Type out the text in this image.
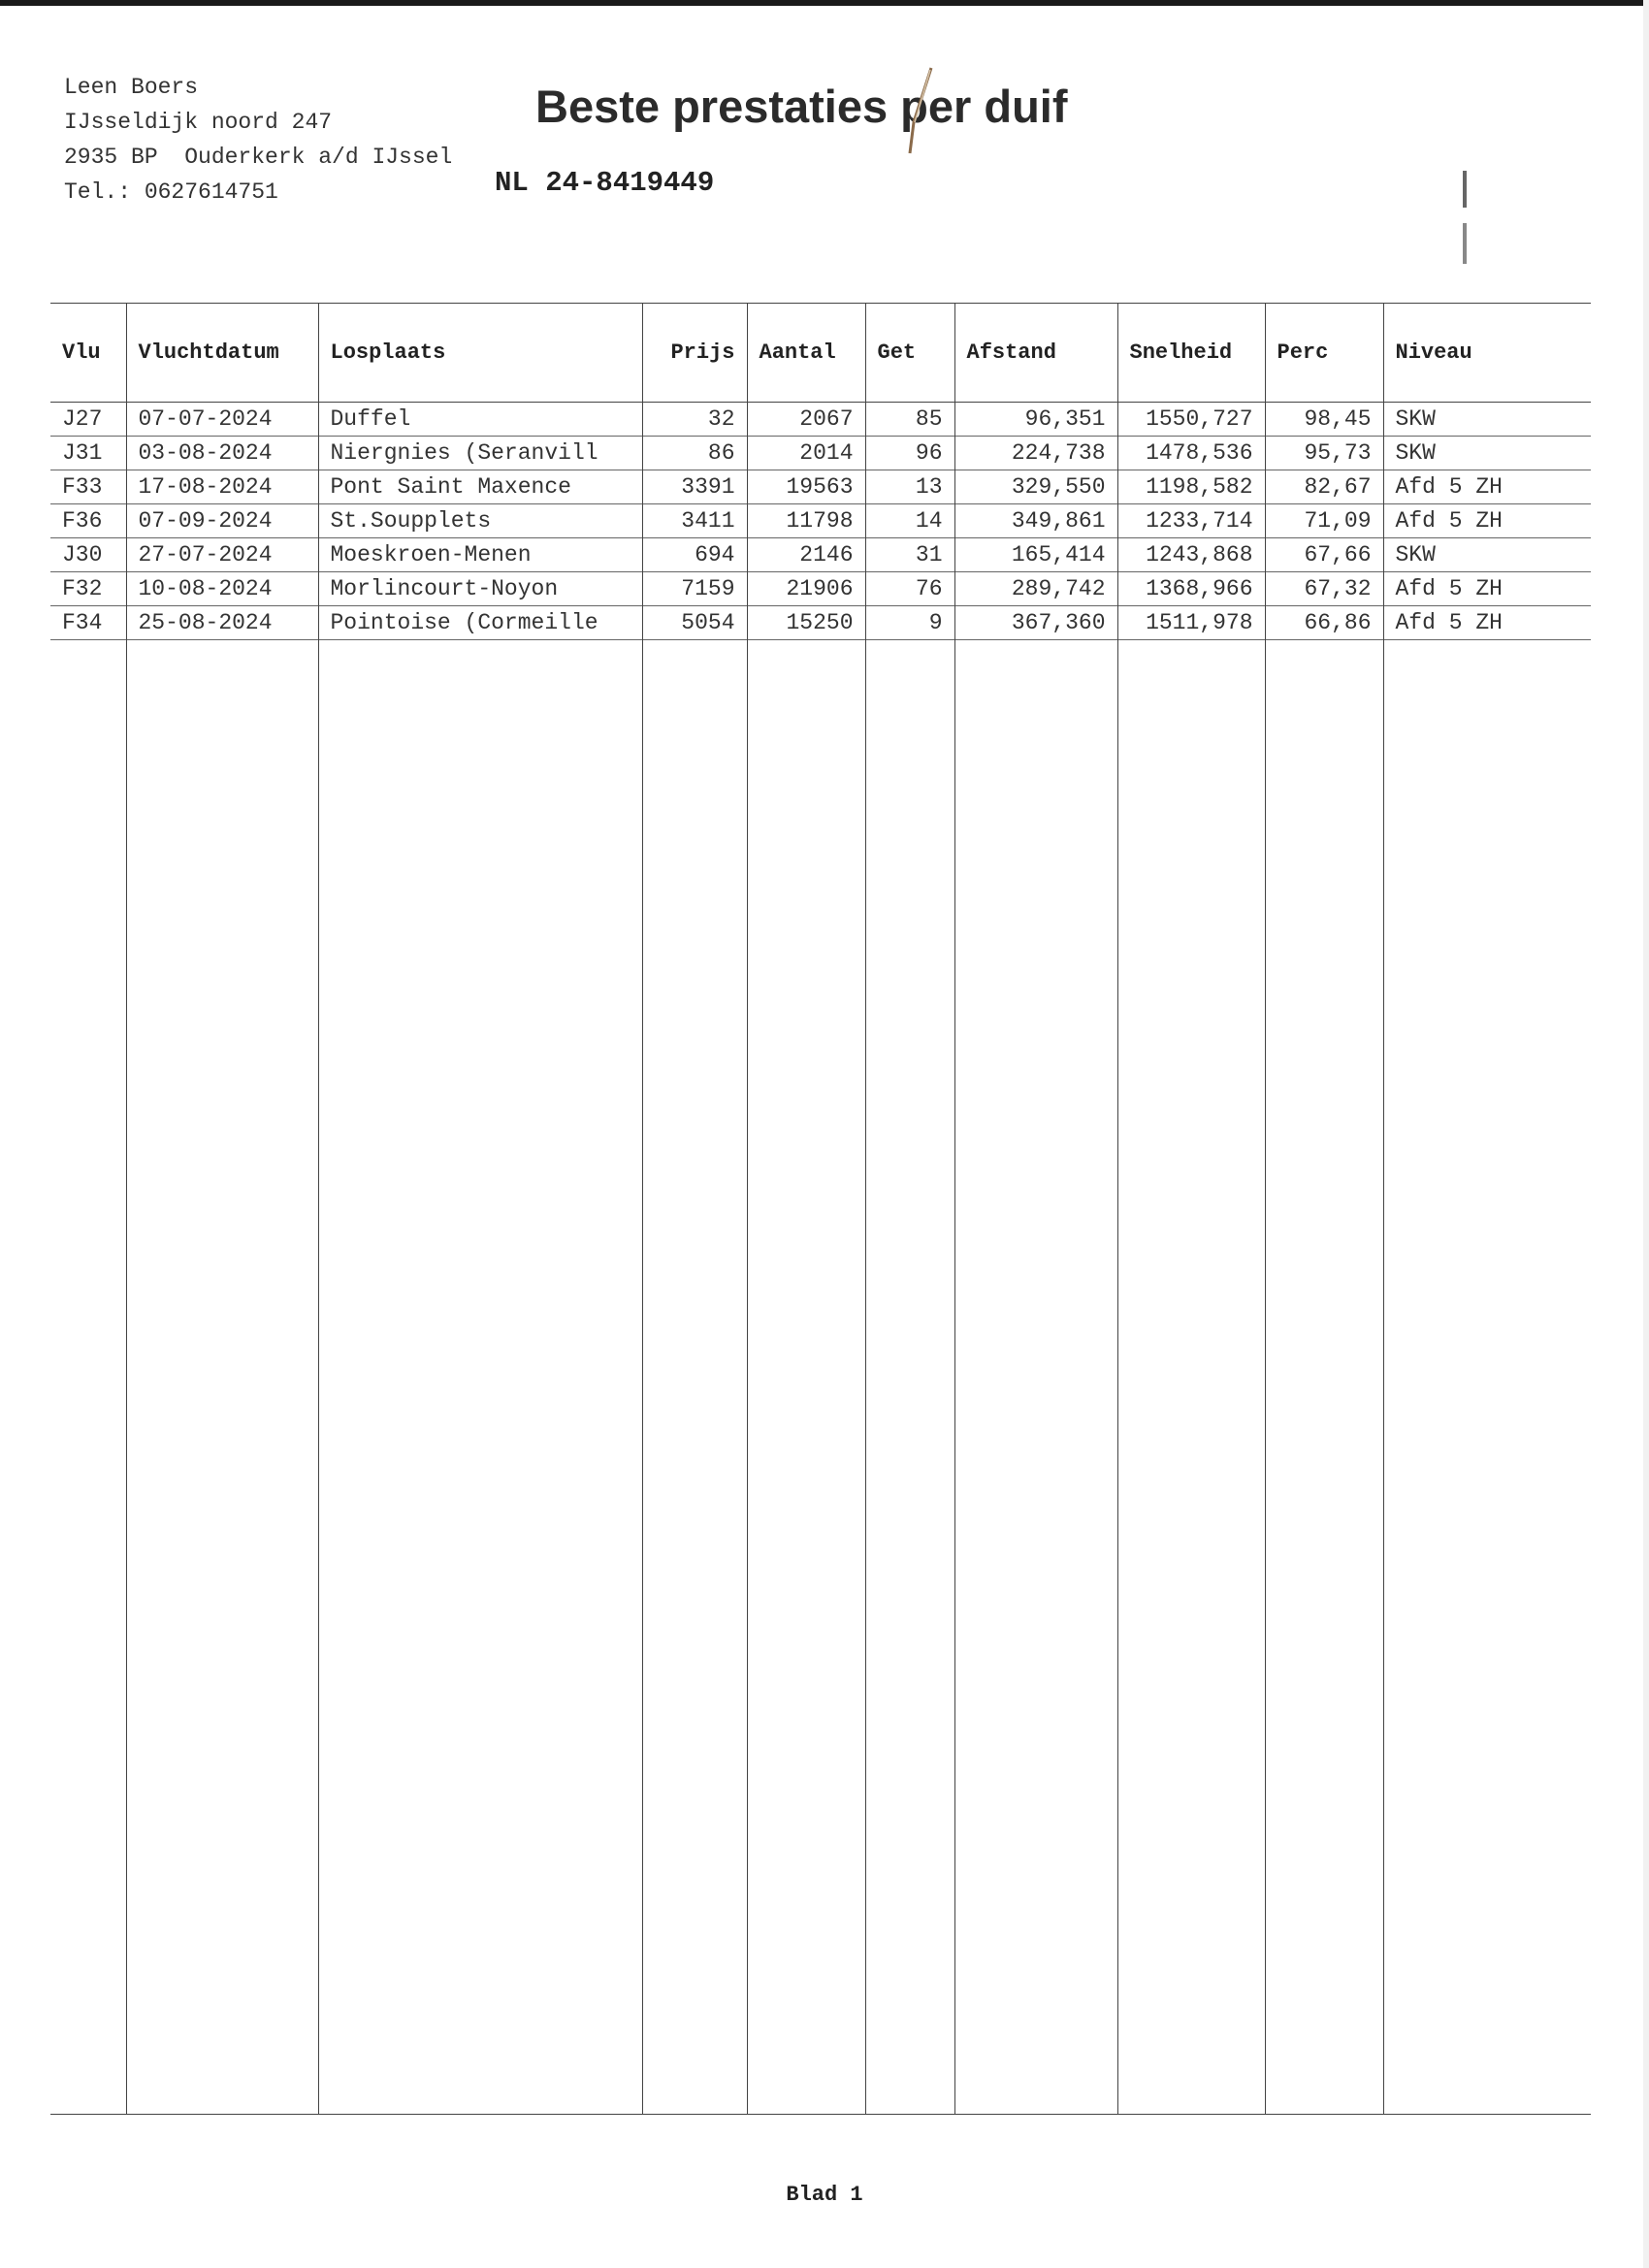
Leen Boers
IJsseldijk noord 247
2935 BP  Ouderkerk a/d IJssel
Tel.: 0627614751
Beste prestaties per duif
NL 24-8419449
Vlu	Vluchtdatum	Losplaats	Prijs	Aantal	Get	Afstand	Snelheid	Perc	Niveau
J27	07-07-2024	Duffel	32	2067	85	96,351	1550,727	98,45	SKW
J31	03-08-2024	Niergnies (Seranvill	86	2014	96	224,738	1478,536	95,73	SKW
F33	17-08-2024	Pont Saint Maxence	3391	19563	13	329,550	1198,582	82,67	Afd 5 ZH
F36	07-09-2024	St.Soupplets	3411	11798	14	349,861	1233,714	71,09	Afd 5 ZH
J30	27-07-2024	Moeskroen-Menen	694	2146	31	165,414	1243,868	67,66	SKW
F32	10-08-2024	Morlincourt-Noyon	7159	21906	76	289,742	1368,966	67,32	Afd 5 ZH
F34	25-08-2024	Pointoise (Cormeille	5054	15250	9	367,360	1511,978	66,86	Afd 5 ZH

Blad 1
